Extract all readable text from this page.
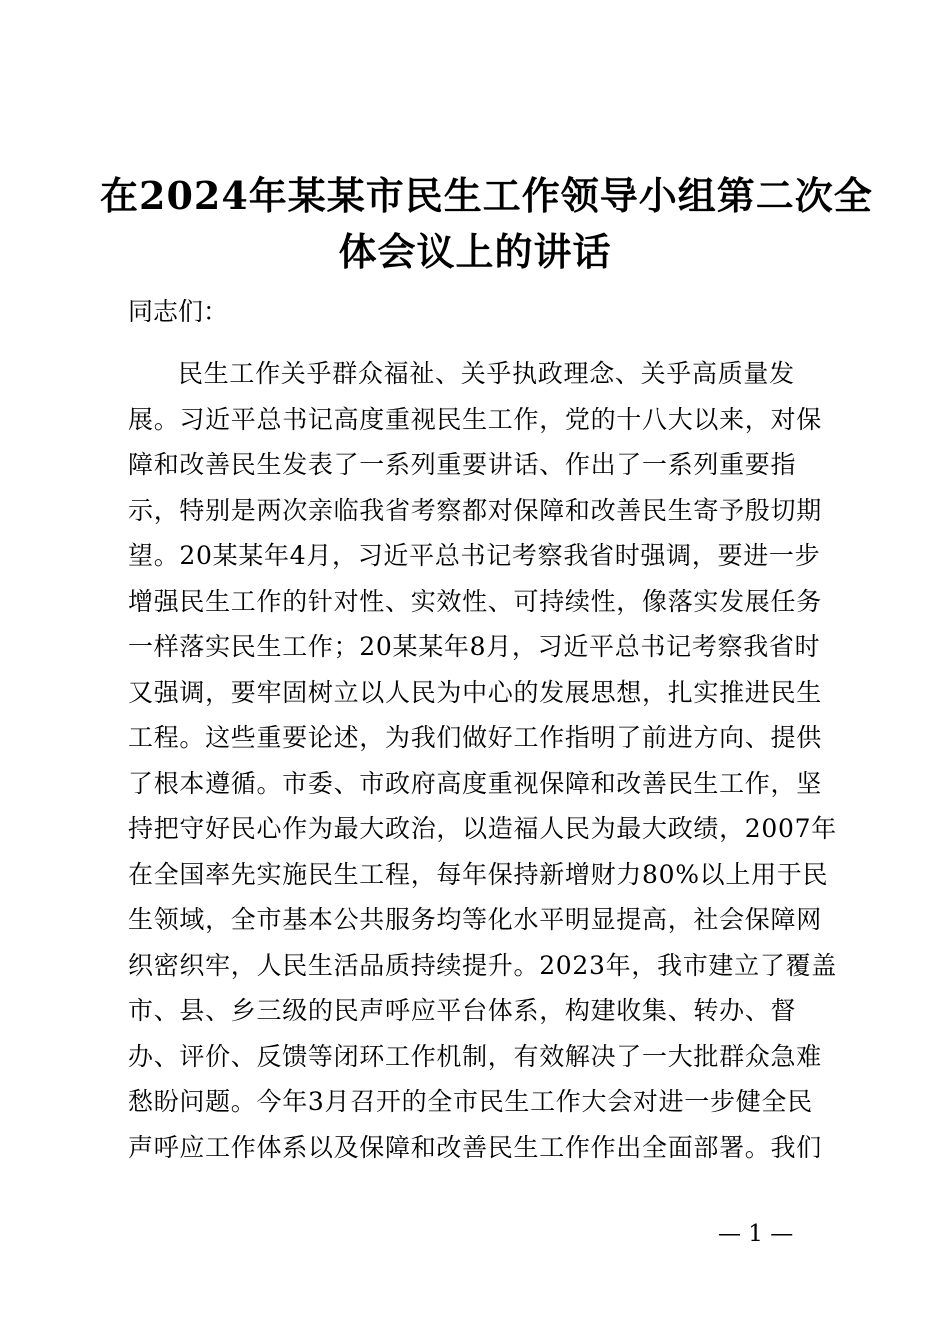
在2024年某某市民生工作领导小组第二次全
体会议上的讲话

同志们：

民生工作关乎群众福祉、关乎执政理念、关乎高质量发
展。习近平总书记高度重视民生工作，党的十八大以来，对保
障和改善民生发表了一系列重要讲话、作出了一系列重要指
示，特别是两次亲临我省考察都对保障和改善民生寄予殷切期
望。20某某年4月，习近平总书记考察我省时强调，要进一步
增强民生工作的针对性、实效性、可持续性，像落实发展任务
一样落实民生工作；20某某年8月，习近平总书记考察我省时
又强调，要牢固树立以人民为中心的发展思想，扎实推进民生
工程。这些重要论述，为我们做好工作指明了前进方向、提供
了根本遵循。市委、市政府高度重视保障和改善民生工作，坚
持把守好民心作为最大政治，以造福人民为最大政绩，2007年
在全国率先实施民生工程，每年保持新增财力80%以上用于民
生领域，全市基本公共服务均等化水平明显提高，社会保障网
织密织牢，人民生活品质持续提升。2023年，我市建立了覆盖
市、县、乡三级的民声呼应平台体系，构建收集、转办、督
办、评价、反馈等闭环工作机制，有效解决了一大批群众急难
愁盼问题。今年3月召开的全市民生工作大会对进一步健全民
声呼应工作体系以及保障和改善民生工作作出全面部署。我们
— 1 —
